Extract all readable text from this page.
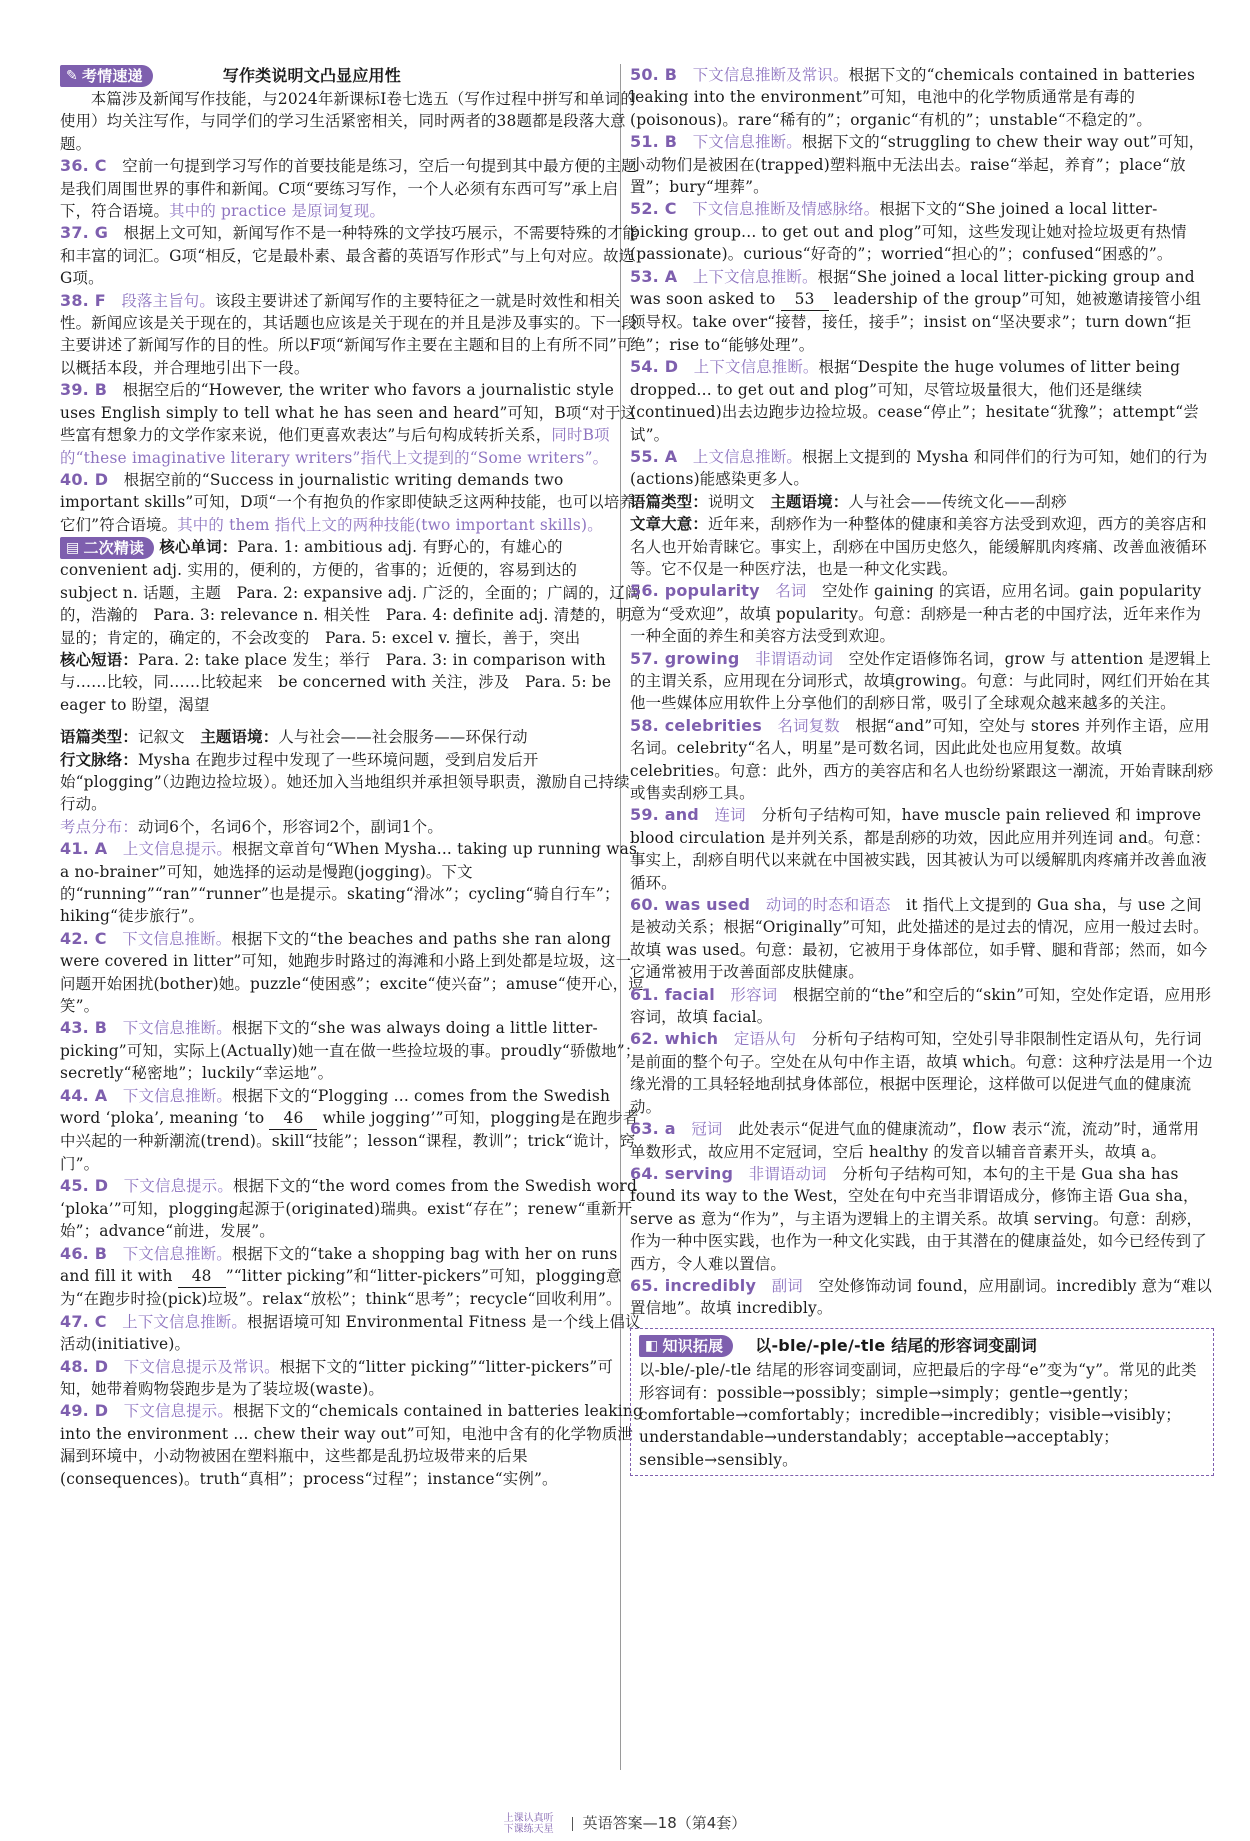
✎ 考情速递	写作类说明文凸显应用性
本篇涉及新闻写作技能，与2024年新课标Ⅰ卷七选五（写作过程中拼写和单词的使用）均关注写作，与同学们的学习生活紧密相关，同时两者的38题都是段落大意题。
36. C　 空前一句提到学习写作的首要技能是练习，空后一句提到其中最方便的主题是我们周围世界的事件和新闻。C项“要练习写作，一个人必须有东西可写”承上启下，符合语境。其中的 practice 是原词复现。
37. G　 根据上文可知，新闻写作不是一种特殊的文学技巧展示，不需要特殊的才能和丰富的词汇。G项“相反，它是最朴素、最含蓄的英语写作形式”与上句对应。故选G项。
38. F　 段落主旨句。该段主要讲述了新闻写作的主要特征之一就是时效性和相关性。新闻应该是关于现在的，其话题也应该是关于现在的并且是涉及事实的。下一段主要讲述了新闻写作的目的性。所以F项“新闻写作主要在主题和目的上有所不同”可以概括本段，并合理地引出下一段。
39. B　 根据空后的“However, the writer who favors a journalistic style uses English simply to tell what he has seen and heard”可知，B项“对于这些富有想象力的文学作家来说，他们更喜欢表达”与后句构成转折关系，同时B项的“these imaginative literary writers”指代上文提到的“Some writers”。
40. D　 根据空前的“Success in journalistic writing demands two important skills”可知，D项“一个有抱负的作家即使缺乏这两种技能，也可以培养它们”符合语境。其中的 them 指代上文的两种技能(two important skills)。
▤ 二次精读 核心单词：Para. 1: ambitious adj. 有野心的，有雄心的　convenient adj. 实用的，便利的，方便的，省事的；近便的，容易到达的　subject n. 话题，主题　Para. 2: expansive adj. 广泛的，全面的；广阔的，辽阔的，浩瀚的　Para. 3: relevance n. 相关性　Para. 4: definite adj. 清楚的，明显的；肯定的，确定的，不会改变的　Para. 5: excel v. 擅长，善于，突出
核心短语：Para. 2: take place 发生；举行　Para. 3: in comparison with 与……比较，同……比较起来　be concerned with 关注，涉及　Para. 5: be eager to 盼望，渴望
语篇类型：记叙文　 主题语境：人与社会——社会服务——环保行动
行文脉络：Mysha 在跑步过程中发现了一些环境问题，受到启发后开始“plogging”（边跑边捡垃圾）。她还加入当地组织并承担领导职责，激励自己持续行动。
考点分布：动词6个，名词6个，形容词2个，副词1个。
41. A　 上文信息提示。根据文章首句“When Mysha... taking up running was a no-brainer”可知，她选择的运动是慢跑(jogging)。下文的“running”“ran”“runner”也是提示。skating“滑冰”；cycling“骑自行车”；hiking“徒步旅行”。
42. C　 下文信息推断。根据下文的“the beaches and paths she ran along were covered in litter”可知，她跑步时路过的海滩和小路上到处都是垃圾，这一问题开始困扰(bother)她。puzzle“使困惑”；excite“使兴奋”；amuse“使开心，逗笑”。
43. B　 下文信息推断。根据下文的“she was always doing a little litter-picking”可知，实际上(Actually)她一直在做一些捡垃圾的事。proudly“骄傲地”；secretly“秘密地”；luckily“幸运地”。
44. A　 下文信息推断。根据下文的“Plogging ... comes from the Swedish word ‘ploka’, meaning ‘to 46 while jogging’”可知，plogging是在跑步者中兴起的一种新潮流(trend)。skill“技能”；lesson“课程，教训”；trick“诡计，窍门”。
45. D　 下文信息提示。根据下文的“the word comes from the Swedish word ‘ploka’”可知，plogging起源于(originated)瑞典。exist“存在”；renew“重新开始”；advance“前进，发展”。
46. B　 下文信息推断。根据下文的“take a shopping bag with her on runs and fill it with 48 ”“litter picking”和“litter-pickers”可知，plogging意为“在跑步时捡(pick)垃圾”。relax“放松”；think“思考”；recycle“回收利用”。
47. C　 上下文信息推断。根据语境可知 Environmental Fitness 是一个线上倡议活动(initiative)。
48. D　 下文信息提示及常识。根据下文的“litter picking”“litter-pickers”可知，她带着购物袋跑步是为了装垃圾(waste)。
49. D　 下文信息提示。根据下文的“chemicals contained in batteries leaking into the environment ... chew their way out”可知，电池中含有的化学物质泄漏到环境中，小动物被困在塑料瓶中，这些都是乱扔垃圾带来的后果(consequences)。truth“真相”；process“过程”；instance“实例”。
50. B　 下文信息推断及常识。根据下文的“chemicals contained in batteries leaking into the environment”可知，电池中的化学物质通常是有毒的(poisonous)。rare“稀有的”；organic“有机的”；unstable“不稳定的”。
51. B　 下文信息推断。根据下文的“struggling to chew their way out”可知，小动物们是被困在(trapped)塑料瓶中无法出去。raise“举起，养育”；place“放置”；bury“埋葬”。
52. C　 下文信息推断及情感脉络。根据下文的“She joined a local litter-picking group... to get out and plog”可知，这些发现让她对捡垃圾更有热情(passionate)。curious“好奇的”；worried“担心的”；confused“困惑的”。
53. A　 上下文信息推断。根据“She joined a local litter-picking group and was soon asked to 53 leadership of the group”可知，她被邀请接管小组领导权。take over“接替，接任，接手”；insist on“坚决要求”；turn down“拒绝”；rise to“能够处理”。
54. D　 上下文信息推断。根据“Despite the huge volumes of litter being dropped... to get out and plog”可知，尽管垃圾量很大，他们还是继续(continued)出去边跑步边捡垃圾。cease“停止”；hesitate“犹豫”；attempt“尝试”。
55. A　 上文信息推断。根据上文提到的 Mysha 和同伴们的行为可知，她们的行为(actions)能感染更多人。
语篇类型：说明文　 主题语境：人与社会——传统文化——刮痧
文章大意：近年来，刮痧作为一种整体的健康和美容方法受到欢迎，西方的美容店和名人也开始青睐它。事实上，刮痧在中国历史悠久，能缓解肌肉疼痛、改善血液循环等。它不仅是一种医疗法，也是一种文化实践。
56. popularity　 名词　 空处作 gaining 的宾语，应用名词。gain popularity意为“受欢迎”，故填 popularity。句意：刮痧是一种古老的中国疗法，近年来作为一种全面的养生和美容方法受到欢迎。
57. growing　 非谓语动词　 空处作定语修饰名词，grow 与 attention 是逻辑上的主谓关系，应用现在分词形式，故填growing。句意：与此同时，网红们开始在其他一些媒体应用软件上分享他们的刮痧日常，吸引了全球观众越来越多的关注。
58. celebrities　 名词复数　 根据“and”可知，空处与 stores 并列作主语，应用名词。celebrity“名人，明星”是可数名词，因此此处也应用复数。故填 celebrities。句意：此外，西方的美容店和名人也纷纷紧跟这一潮流，开始青睐刮痧或售卖刮痧工具。
59. and　 连词　 分析句子结构可知，have muscle pain relieved 和 improve blood circulation 是并列关系，都是刮痧的功效，因此应用并列连词 and。句意：事实上，刮痧自明代以来就在中国被实践，因其被认为可以缓解肌肉疼痛并改善血液循环。
60. was used　 动词的时态和语态　 it 指代上文提到的 Gua sha，与 use 之间是被动关系；根据“Originally”可知，此处描述的是过去的情况，应用一般过去时。故填 was used。句意：最初，它被用于身体部位，如手臂、腿和背部；然而，如今它通常被用于改善面部皮肤健康。
61. facial　 形容词　 根据空前的“the”和空后的“skin”可知，空处作定语，应用形容词，故填 facial。
62. which　 定语从句　 分析句子结构可知，空处引导非限制性定语从句，先行词是前面的整个句子。空处在从句中作主语，故填 which。句意：这种疗法是用一个边缘光滑的工具轻轻地刮拭身体部位，根据中医理论，这样做可以促进气血的健康流动。
63. a　 冠词　 此处表示“促进气血的健康流动”，flow 表示“流，流动”时，通常用单数形式，故应用不定冠词，空后 healthy 的发音以辅音音素开头，故填 a。
64. serving　 非谓语动词　 分析句子结构可知，本句的主干是 Gua sha has found its way to the West，空处在句中充当非谓语成分，修饰主语 Gua sha，serve as 意为“作为”，与主语为逻辑上的主谓关系。故填 serving。句意：刮痧，作为一种中医实践，也作为一种文化实践，由于其潜在的健康益处，如今已经传到了西方，令人难以置信。
65. incredibly　 副词　 空处修饰动词 found，应用副词。incredibly 意为“难以置信地”。故填 incredibly。
◧ 知识拓展 以-ble/-ple/-tle 结尾的形容词变副词
以-ble/-ple/-tle 结尾的形容词变副词，应把最后的字母“e”变为“y”。常见的此类形容词有：possible→possibly；simple→simply；gentle→gently；comfortable→comfortably；incredible→incredibly；visible→visibly；understandable→understandably；acceptable→acceptably；sensible→sensibly。
上课认真听
下课练天星 英语答案—18（第4套）
